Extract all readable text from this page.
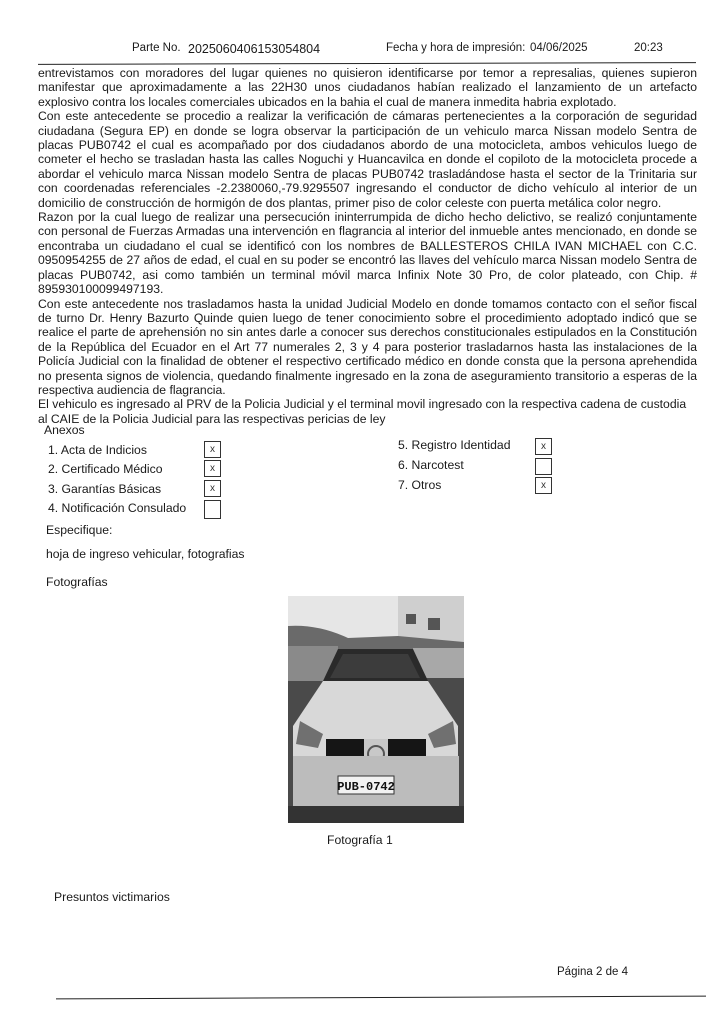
Parte No. 2025060406153054804	Fecha y hora de impresión: 04/06/2025	20:23

entrevistamos con moradores del lugar quienes no quisieron identificarse por temor a represalias, quienes supieron manifestar que aproximadamente a las 22H30 unos ciudadanos habían realizado el lanzamiento de un artefacto explosivo contra los locales comerciales ubicados en la bahia el cual de manera inmedita habria explotado.

Con este antecedente se procedio a realizar la verificación de cámaras pertenecientes a la corporación de seguridad ciudadana (Segura EP) en donde se logra observar la participación de un vehiculo marca Nissan modelo Sentra de placas PUB0742 el cual es acompañado por dos ciudadanos abordo de una motocicleta, ambos vehiculos luego de cometer el hecho se trasladan hasta las calles Noguchi y Huancavilca en donde el copiloto de la motocicleta procede a abordar el vehiculo marca Nissan modelo Sentra de placas PUB0742 trasladándose hasta el sector de la Trinitaria sur con coordenadas referenciales -2.2380060,-79.9295507 ingresando el conductor de dicho vehículo al interior de un domicilio de construcción de hormigón de dos plantas, primer piso de color celeste con puerta metálica color negro.

Razon por la cual luego de realizar una persecución ininterrumpida de dicho hecho delictivo, se realizó conjuntamente con personal de Fuerzas Armadas una intervención en flagrancia al interior del inmueble antes mencionado, en donde se encontraba un ciudadano el cual se identificó con los nombres de BALLESTEROS CHILA IVAN MICHAEL con C.C. 0950954255 de 27 años de edad, el cual en su poder se encontró las llaves del vehículo marca Nissan modelo Sentra de placas PUB0742, asi como también un terminal móvil marca Infinix Note 30 Pro, de color plateado, con Chip. # 895930100099497193.

Con este antecedente nos trasladamos hasta la unidad Judicial Modelo en donde tomamos contacto con el señor fiscal de turno Dr. Henry Bazurto Quinde quien luego de tener conocimiento sobre el procedimiento adoptado indicó que se realice el parte de aprehensión no sin antes darle a conocer sus derechos constitucionales estipulados en la Constitución de la República del Ecuador en el Art 77 numerales 2, 3 y 4 para posterior trasladarnos hasta las instalaciones de la Policía Judicial con la finalidad de obtener el respectivo certificado médico en donde consta que la persona aprehendida no presenta signos de violencia, quedando finalmente ingresado en la zona de aseguramiento transitorio a esperas de la respectiva audiencia de flagrancia.

El vehiculo es ingresado al PRV de la Policia Judicial y el terminal movil ingresado con la respectiva cadena de custodia al CAIE de la Policia Judicial para las respectivas pericias de ley

Anexos
1. Acta de Indicios	x
2. Certificado Médico	x
3. Garantías Básicas	x
4. Notificación Consulado
5. Registro Identidad	x
6. Narcotest
7. Otros	x
Especifique:
hoja de ingreso vehicular, fotografias
Fotografías
PUB-0742
Fotografía 1
Presuntos victimarios
Página 2 de 4
